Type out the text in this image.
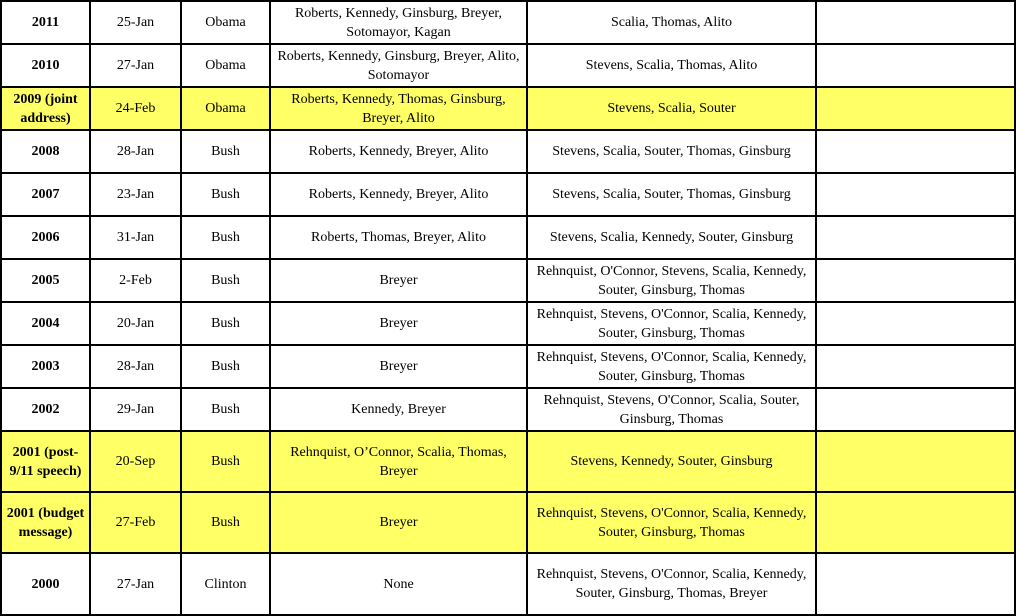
2011	25-Jan	Obama	Roberts, Kennedy, Ginsburg, Breyer, Sotomayor, Kagan	Scalia, Thomas, Alito	
2010	27-Jan	Obama	Roberts, Kennedy, Ginsburg, Breyer, Alito, Sotomayor	Stevens, Scalia, Thomas, Alito	
2009 (joint address)	24-Feb	Obama	Roberts, Kennedy, Thomas, Ginsburg, Breyer, Alito	Stevens, Scalia, Souter	
2008	28-Jan	Bush	Roberts, Kennedy, Breyer, Alito	Stevens, Scalia, Souter, Thomas, Ginsburg	
2007	23-Jan	Bush	Roberts, Kennedy, Breyer, Alito	Stevens, Scalia, Souter, Thomas, Ginsburg	
2006	31-Jan	Bush	Roberts, Thomas, Breyer, Alito	Stevens, Scalia, Kennedy, Souter, Ginsburg	
2005	2-Feb	Bush	Breyer	Rehnquist, O'Connor, Stevens, Scalia, Kennedy, Souter, Ginsburg, Thomas	
2004	20-Jan	Bush	Breyer	Rehnquist, Stevens, O'Connor, Scalia, Kennedy, Souter, Ginsburg, Thomas	
2003	28-Jan	Bush	Breyer	Rehnquist, Stevens, O'Connor, Scalia, Kennedy, Souter, Ginsburg, Thomas	
2002	29-Jan	Bush	Kennedy, Breyer	Rehnquist, Stevens, O'Connor, Scalia, Souter, Ginsburg, Thomas	
2001 (post-9/11 speech)	20-Sep	Bush	Rehnquist, O’Connor, Scalia, Thomas, Breyer	Stevens, Kennedy, Souter, Ginsburg	
2001 (budget message)	27-Feb	Bush	Breyer	Rehnquist, Stevens, O'Connor, Scalia, Kennedy, Souter, Ginsburg, Thomas	
2000	27-Jan	Clinton	None	Rehnquist, Stevens, O'Connor, Scalia, Kennedy, Souter, Ginsburg, Thomas, Breyer	
